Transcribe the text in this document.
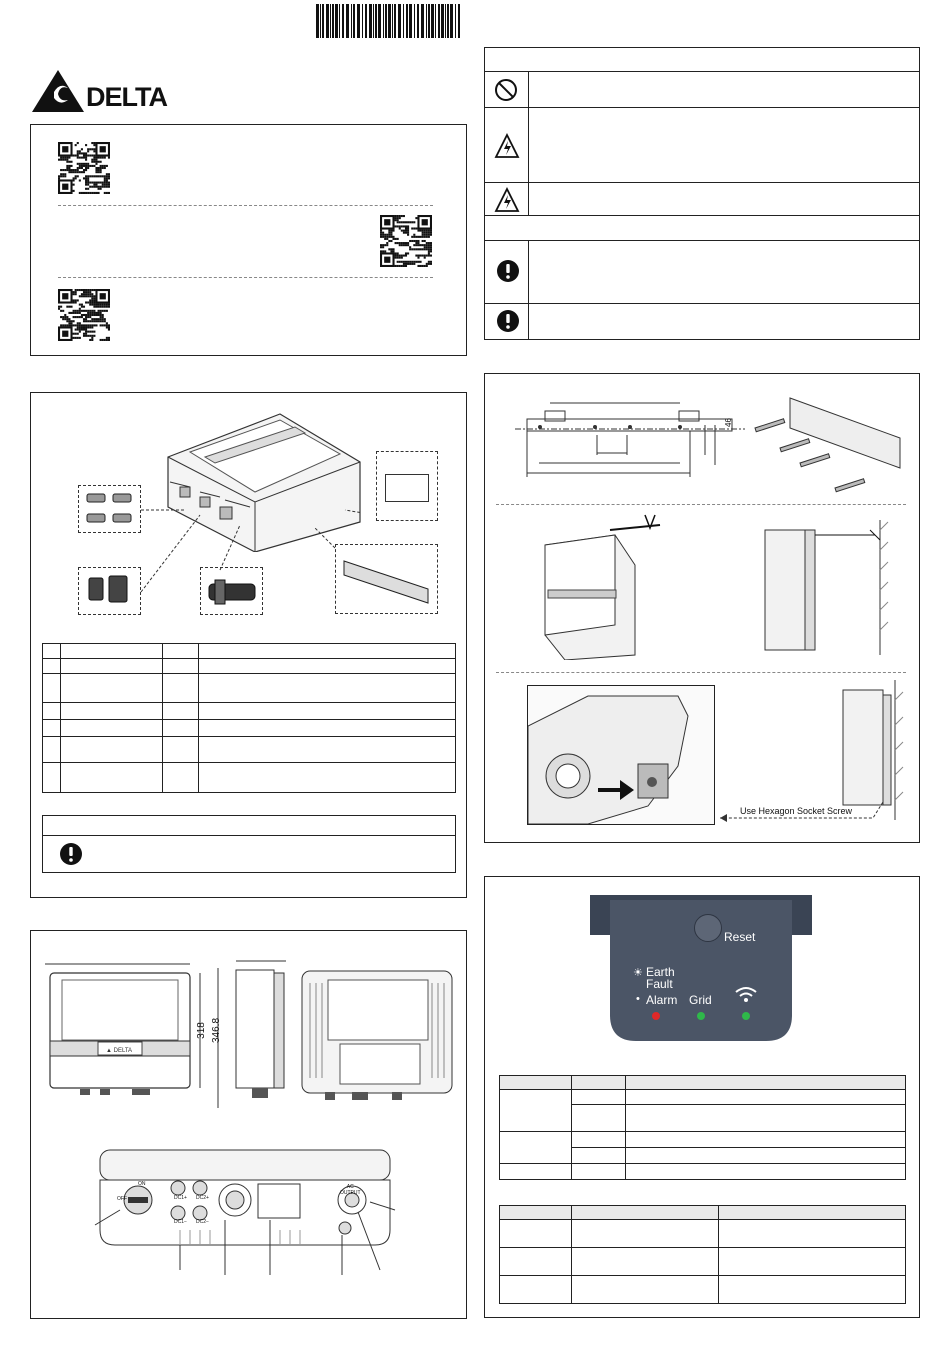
DELTA

46
Use Hexagon Socket Screw
Reset
Earth
Fault
☀
• Alarm Grid

▲ DELTA
318 346.8
ON
OFF	DC1+ DC2+
DC1− DC2−
AC
OUTPUT
